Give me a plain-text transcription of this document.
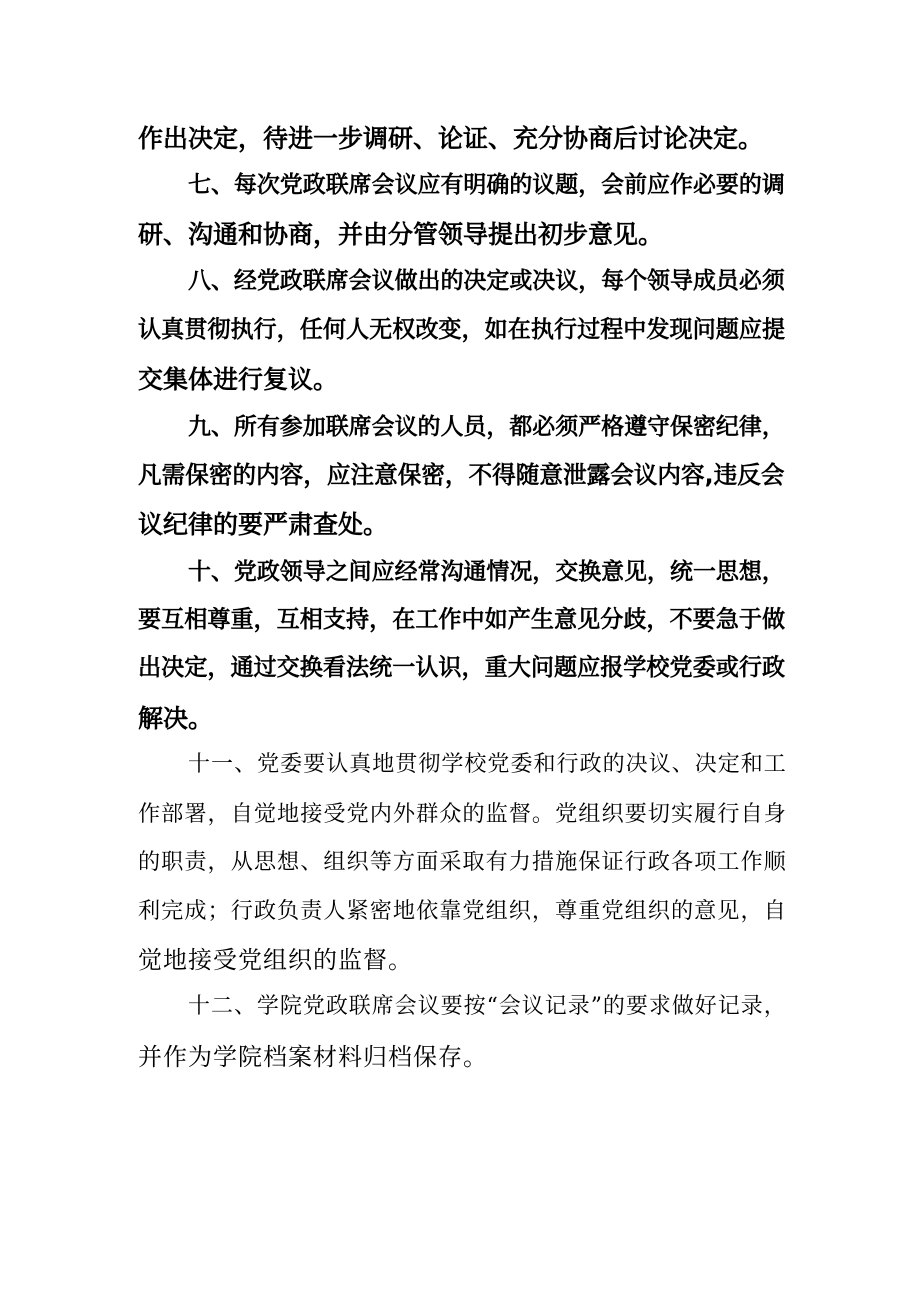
作出决定，待进一步调研、论证、充分协商后讨论决定。

七、每次党政联席会议应有明确的议题，会前应作必要的调

研、沟通和协商，并由分管领导提出初步意见。

八、经党政联席会议做出的决定或决议，每个领导成员必须

认真贯彻执行，任何人无权改变，如在执行过程中发现问题应提

交集体进行复议。

九、所有参加联席会议的人员，都必须严格遵守保密纪律，

凡需保密的内容，应注意保密，不得随意泄露会议内容,违反会

议纪律的要严肃查处。

十、党政领导之间应经常沟通情况，交换意见，统一思想，

要互相尊重，互相支持，在工作中如产生意见分歧，不要急于做

出决定，通过交换看法统一认识，重大问题应报学校党委或行政

解决。

十一、党委要认真地贯彻学校党委和行政的决议、决定和工

作部署，自觉地接受党内外群众的监督。党组织要切实履行自身

的职责，从思想、组织等方面采取有力措施保证行政各项工作顺

利完成；行政负责人紧密地依靠党组织，尊重党组织的意见，自

觉地接受党组织的监督。

十二、学院党政联席会议要按“会议记录”的要求做好记录，

并作为学院档案材料归档保存。
